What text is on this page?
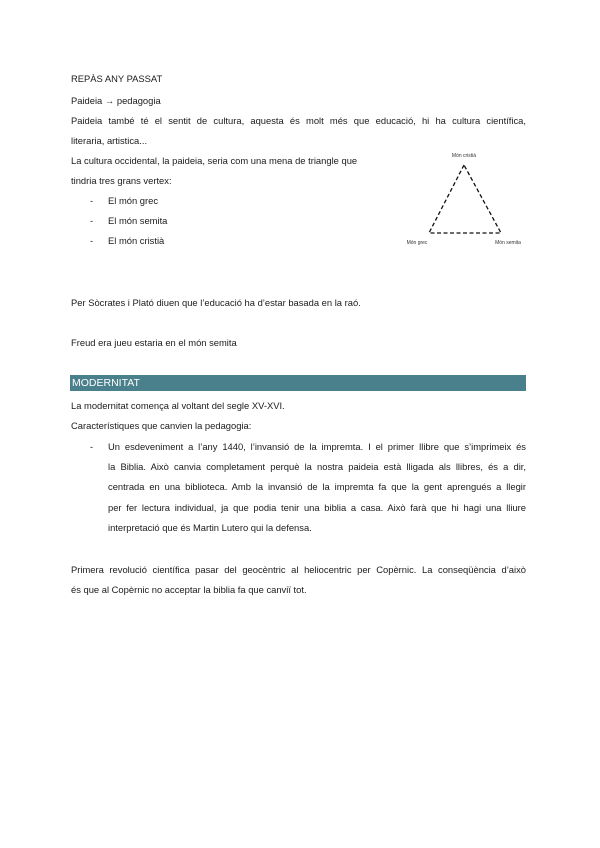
REPÀS ANY PASSAT
Paideia → pedagogia
Paideia també té el sentit de cultura, aquesta és molt més que educació, hi ha cultura científica,
literaria, artistica...
La cultura occidental, la paideia, seria com una mena de triangle que
tindria tres grans vertex:
- El món grec
- El món semita
- El món cristià
Món cristià
Món grec	Món semita
Per Sòcrates i Plató diuen que l’educació ha d’estar basada en la raó.
Freud era jueu estaria en el món semita
MODERNITAT
La modernitat comença al voltant del segle XV-XVI.
Característiques que canvien la pedagogia:
- Un esdeveniment a l’any 1440, l’invansió de la impremta. I el primer llibre que s’imprimeix és
la Biblia. Això canvia completament perquè la nostra paideia està lligada als llibres, és a dir,
centrada en una biblioteca. Amb la invansió de la impremta fa que la gent aprengués a llegir
per fer lectura individual, ja que podia tenir una biblia a casa. Això farà que hi hagi una lliure
interpretació que és Martin Lutero qui la defensa.
Primera revolució científica pasar del geocèntric al heliocentric per Copèrnic. La conseqüència d’això
és que al Copèrnic no acceptar la biblia fa que canviï tot.
